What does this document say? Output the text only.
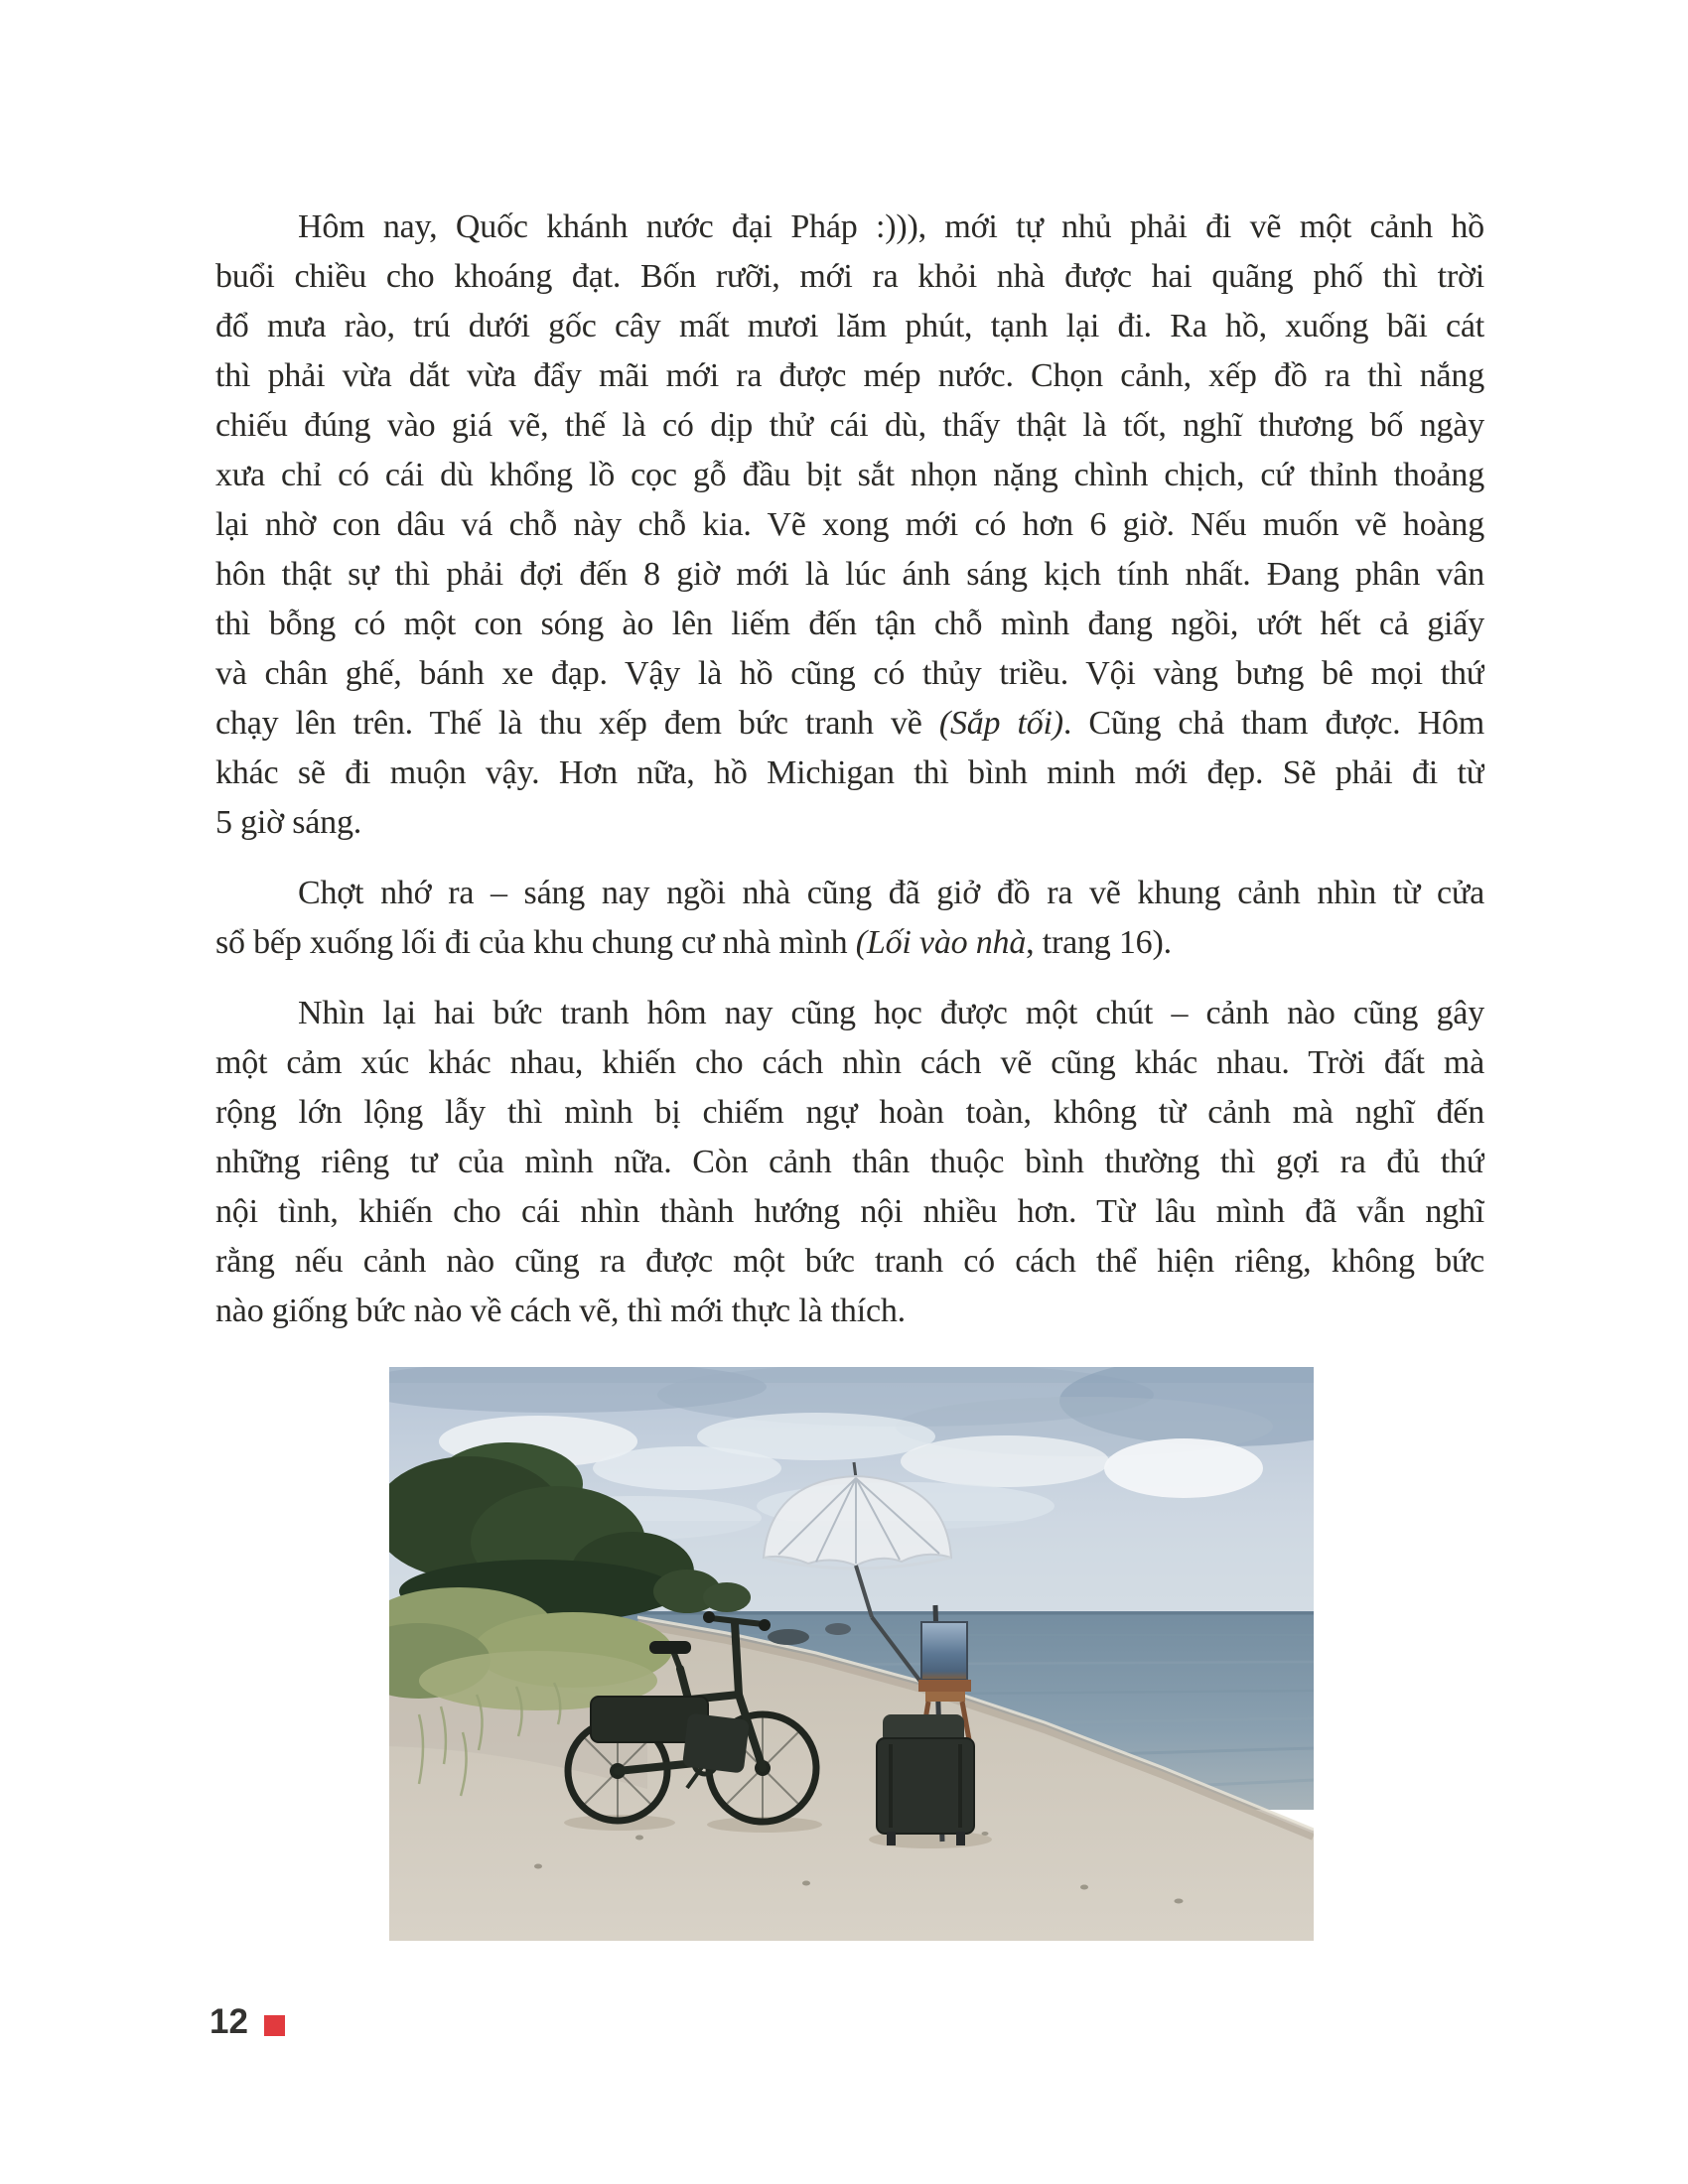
Hôm nay, Quốc khánh nước đại Pháp :))), mới tự nhủ phải đi vẽ một cảnh hồ
buổi chiều cho khoáng đạt. Bốn rưỡi, mới ra khỏi nhà được hai quãng phố thì trời
đổ mưa rào, trú dưới gốc cây mất mươi lăm phút, tạnh lại đi. Ra hồ, xuống bãi cát
thì phải vừa dắt vừa đẩy mãi mới ra được mép nước. Chọn cảnh, xếp đồ ra thì nắng
chiếu đúng vào giá vẽ, thế là có dịp thử cái dù, thấy thật là tốt, nghĩ thương bố ngày
xưa chỉ có cái dù khổng lồ cọc gỗ đầu bịt sắt nhọn nặng chình chịch, cứ thỉnh thoảng
lại nhờ con dâu vá chỗ này chỗ kia. Vẽ xong mới có hơn 6 giờ. Nếu muốn vẽ hoàng
hôn thật sự thì phải đợi đến 8 giờ mới là lúc ánh sáng kịch tính nhất. Đang phân vân
thì bỗng có một con sóng ào lên liếm đến tận chỗ mình đang ngồi, ướt hết cả giấy
và chân ghế, bánh xe đạp. Vậy là hồ cũng có thủy triều. Vội vàng bưng bê mọi thứ
chạy lên trên. Thế là thu xếp đem bức tranh về (Sắp tối). Cũng chả tham được. Hôm
khác sẽ đi muộn vậy. Hơn nữa, hồ Michigan thì bình minh mới đẹp. Sẽ phải đi từ
5 giờ sáng.
Chợt nhớ ra – sáng nay ngồi nhà cũng đã giở đồ ra vẽ khung cảnh nhìn từ cửa
sổ bếp xuống lối đi của khu chung cư nhà mình (Lối vào nhà, trang 16).
Nhìn lại hai bức tranh hôm nay cũng học được một chút – cảnh nào cũng gây
một cảm xúc khác nhau, khiến cho cách nhìn cách vẽ cũng khác nhau. Trời đất mà
rộng lớn lộng lẫy thì mình bị chiếm ngự hoàn toàn, không từ cảnh mà nghĩ đến
những riêng tư của mình nữa. Còn cảnh thân thuộc bình thường thì gợi ra đủ thứ
nội tình, khiến cho cái nhìn thành hướng nội nhiều hơn. Từ lâu mình đã vẫn nghĩ
rằng nếu cảnh nào cũng ra được một bức tranh có cách thể hiện riêng, không bức
nào giống bức nào về cách vẽ, thì mới thực là thích.
12
